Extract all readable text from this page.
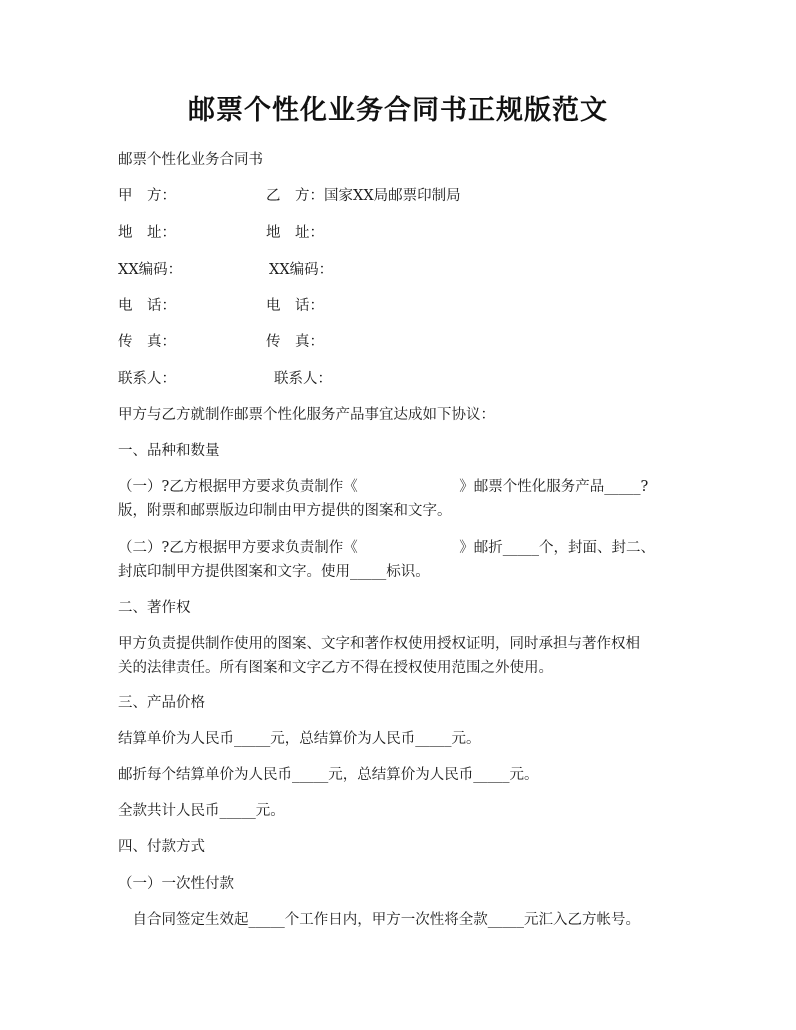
邮票个性化业务合同书正规版范文
邮票个性化业务合同书
甲　方：	乙　方：国家XX局邮票印制局
地　址：	地　址：
XX编码：	XX编码：
电　话：	电　话：
传　真：	传　真：
联系人：	联系人：
甲方与乙方就制作邮票个性化服务产品事宜达成如下协议：
一、品种和数量
（一）?乙方根据甲方要求负责制作《　　　　　　　》邮票个性化服务产品_____?
版，附票和邮票版边印制由甲方提供的图案和文字。
（二）?乙方根据甲方要求负责制作《　　　　　　　》邮折_____个，封面、封二、
封底印制甲方提供图案和文字。使用_____标识。
二、著作权
甲方负责提供制作使用的图案、文字和著作权使用授权证明，同时承担与著作权相
关的法律责任。所有图案和文字乙方不得在授权使用范围之外使用。
三、产品价格
结算单价为人民币_____元，总结算价为人民币_____元。
邮折每个结算单价为人民币_____元，总结算价为人民币_____元。
全款共计人民币_____元。
四、付款方式
（一）一次性付款
　自合同签定生效起_____个工作日内，甲方一次性将全款_____元汇入乙方帐号。
